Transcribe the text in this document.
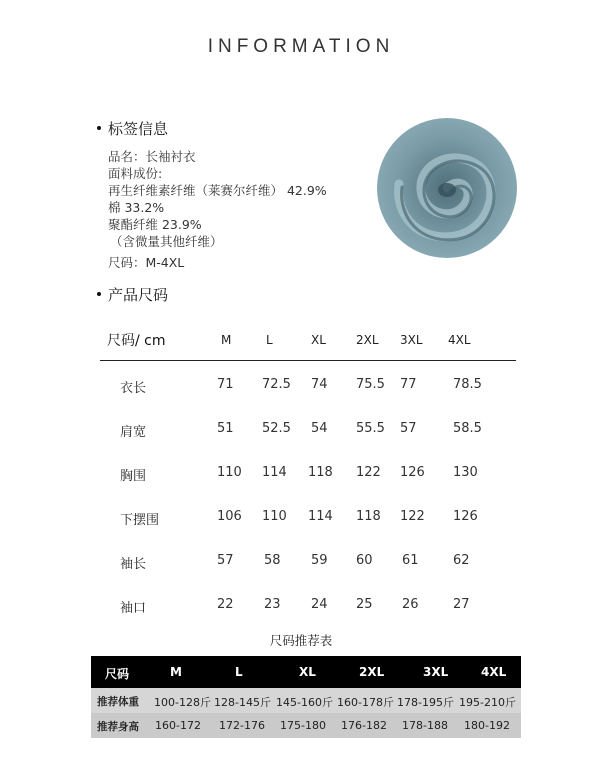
INFORMATION
标签信息
品名：长袖衬衣
面料成份:
再生纤维素纤维（莱赛尔纤维） 42.9%
棉 33.2%
聚酯纤维 23.9%
（含微量其他纤维）
尺码：M-4XL
产品尺码
尺码/ cm	M	L	XL	2XL 3XL 4XL
衣长	71 72.5 74 75.5 77	78.5
肩宽	51 52.5 54 55.5 57	58.5
胸围	110 114 118 122 126 130
下摆围	106 110 114 118 122 126
袖长	57 58 59 60 61	62
袖口	22 23 24 25 26	27
尺码推荐表
尺码	M	L	XL	2XL	3XL	4XL
推荐体重 100-128斤 128-145斤 145-160斤 160-178斤 178-195斤 195-210斤
推荐身高 160-172 172-176 175-180 176-182 178-188 180-192
